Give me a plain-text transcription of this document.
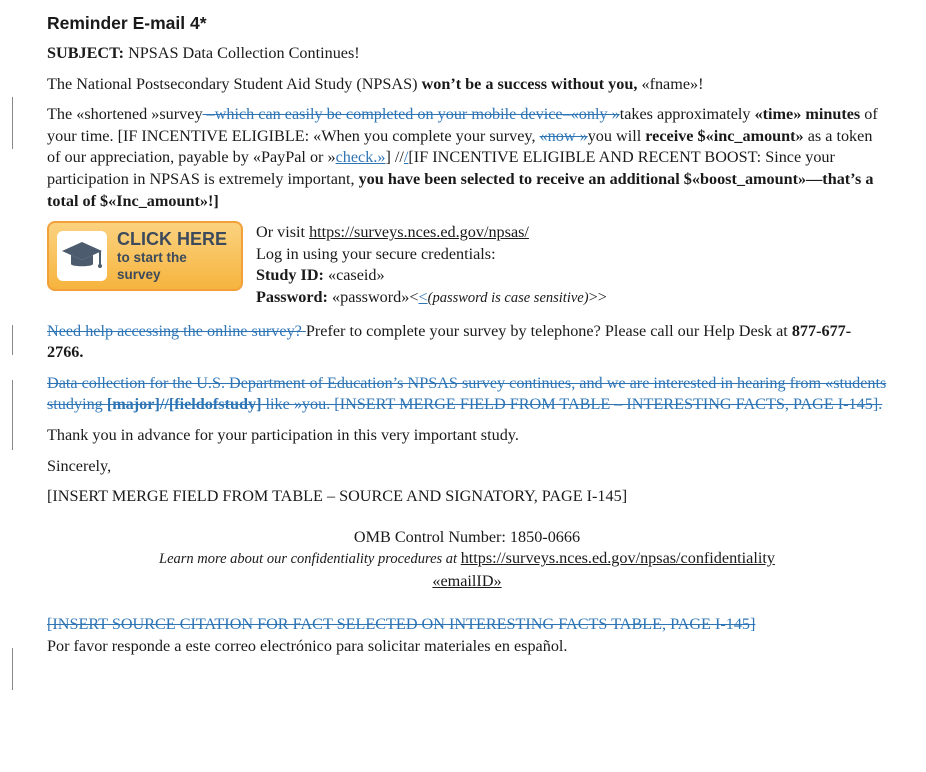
Reminder E-mail 4*

SUBJECT: NPSAS Data Collection Continues!

The National Postsecondary Student Aid Study (NPSAS) won’t be a success without you, «fname»!

The «shortened »survey –which can easily be completed on your mobile device–«only »takes approximately «time» minutes of your time. [IF INCENTIVE ELIGIBLE: «When you complete your survey, «now »you will receive $«inc_amount» as a token of our appreciation, payable by «PayPal or »check.»] ///[IF INCENTIVE ELIGIBLE AND RECENT BOOST: Since your participation in NPSAS is extremely important, you have been selected to receive an additional $«boost_amount»—that’s a total of $«Inc_amount»!]

CLICK HERE
to start the
survey

Or visit https://surveys.nces.ed.gov/npsas/

Log in using your secure credentials:

Study ID: «caseid»

Password: «password»<<(password is case sensitive)>>

Need help accessing the online survey? Prefer to complete your survey by telephone? Please call our Help Desk at 877-677-2766.

Data collection for the U.S. Department of Education’s NPSAS survey continues, and we are interested in hearing from «students studying [major]//[fieldofstudy] like »you. [INSERT MERGE FIELD FROM TABLE – INTERESTING FACTS, PAGE I-145].

Thank you in advance for your participation in this very important study.

Sincerely,

[INSERT MERGE FIELD FROM TABLE – SOURCE AND SIGNATORY, PAGE I-145]

OMB Control Number: 1850-0666

Learn more about our confidentiality procedures at https://surveys.nces.ed.gov/npsas/confidentiality

«emailID»

[INSERT SOURCE CITATION FOR FACT SELECTED ON INTERESTING FACTS TABLE, PAGE I-145]

Por favor responde a este correo electrónico para solicitar materiales en español.
